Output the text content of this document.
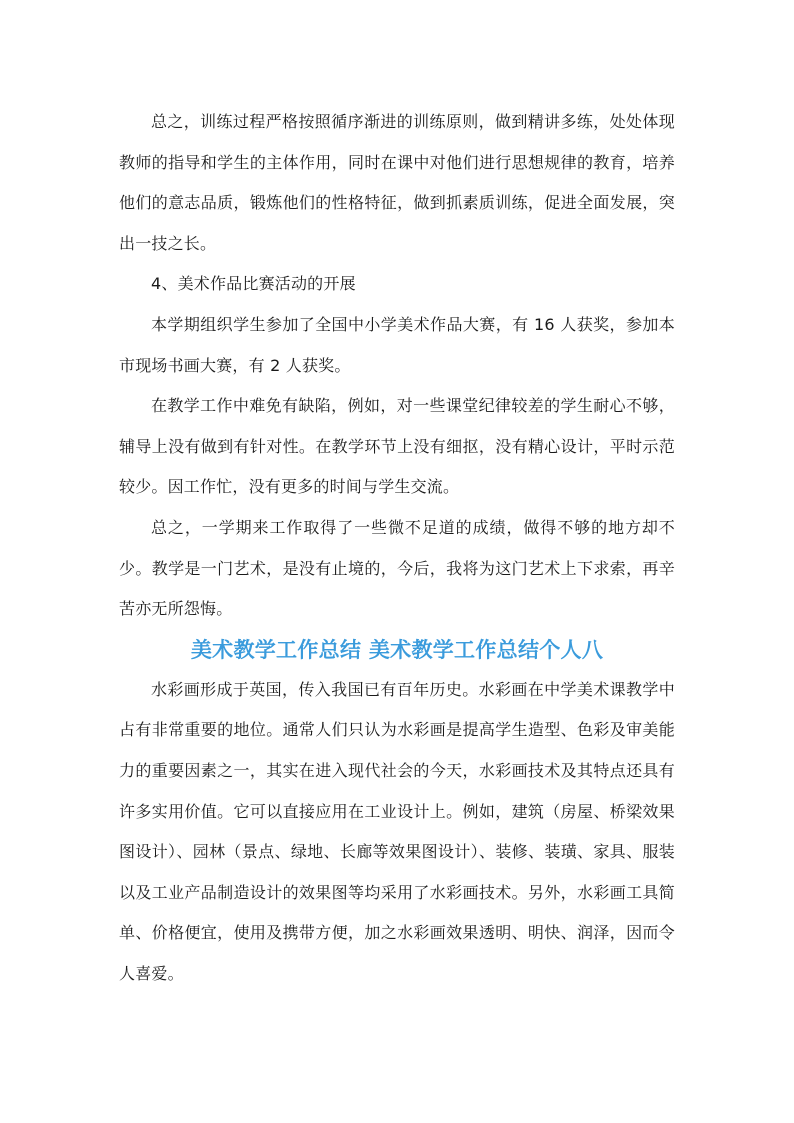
总之，训练过程严格按照循序渐进的训练原则，做到精讲多练，处处体现教师的指导和学生的主体作用，同时在课中对他们进行思想规律的教育，培养他们的意志品质，锻炼他们的性格特征，做到抓素质训练，促进全面发展，突出一技之长。

4、美术作品比赛活动的开展

本学期组织学生参加了全国中小学美术作品大赛，有 16 人获奖，参加本市现场书画大赛，有 2 人获奖。

在教学工作中难免有缺陷，例如，对一些课堂纪律较差的学生耐心不够，辅导上没有做到有针对性。在教学环节上没有细抠，没有精心设计，平时示范较少。因工作忙，没有更多的时间与学生交流。

总之，一学期来工作取得了一些微不足道的成绩，做得不够的地方却不少。教学是一门艺术，是没有止境的，今后，我将为这门艺术上下求索，再辛苦亦无所怨悔。

美术教学工作总结 美术教学工作总结个人八

水彩画形成于英国，传入我国已有百年历史。水彩画在中学美术课教学中占有非常重要的地位。通常人们只认为水彩画是提高学生造型、色彩及审美能力的重要因素之一，其实在进入现代社会的今天，水彩画技术及其特点还具有许多实用价值。它可以直接应用在工业设计上。例如，建筑（房屋、桥梁效果图设计）、园林（景点、绿地、长廊等效果图设计）、装修、装璜、家具、服装以及工业产品制造设计的效果图等均采用了水彩画技术。另外，水彩画工具简单、价格便宜，使用及携带方便，加之水彩画效果透明、明快、润泽，因而令人喜爱。
